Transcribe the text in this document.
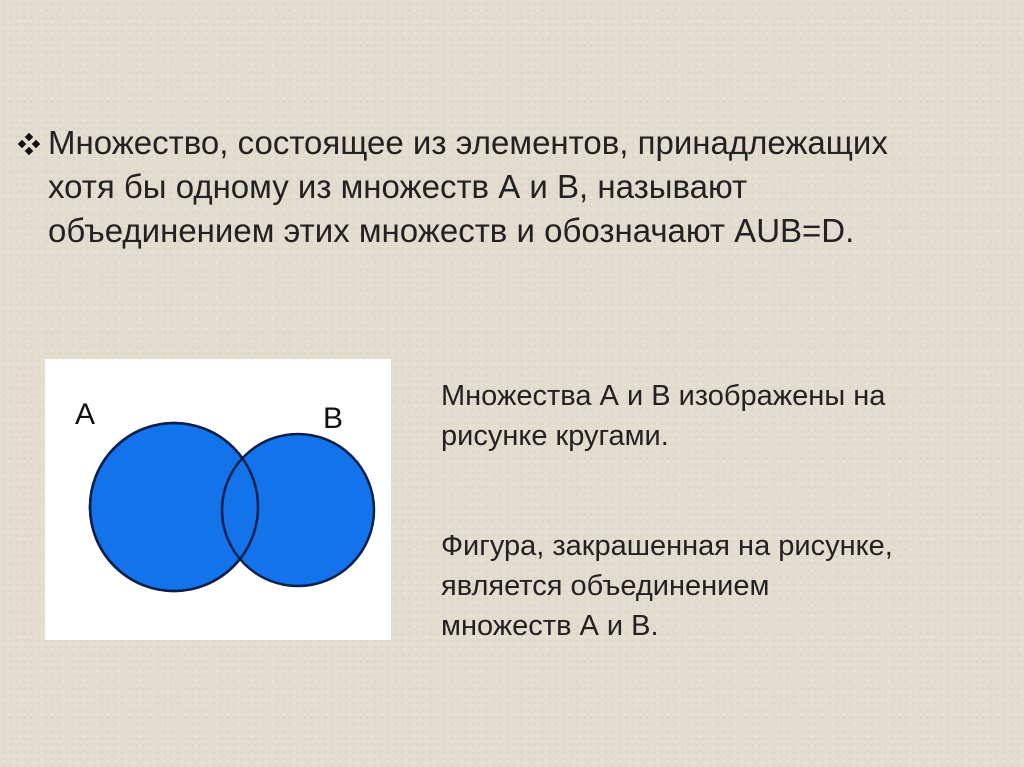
Множество, состоящее из элементов, принадлежащих
хотя бы одному из множеств А и В, называют
объединением этих множеств и обозначают AUB=D.

А	В

Множества А и В изображены на
рисунке кругами.

Фигура, закрашенная на рисунке,
является объединением
множеств А и В.
